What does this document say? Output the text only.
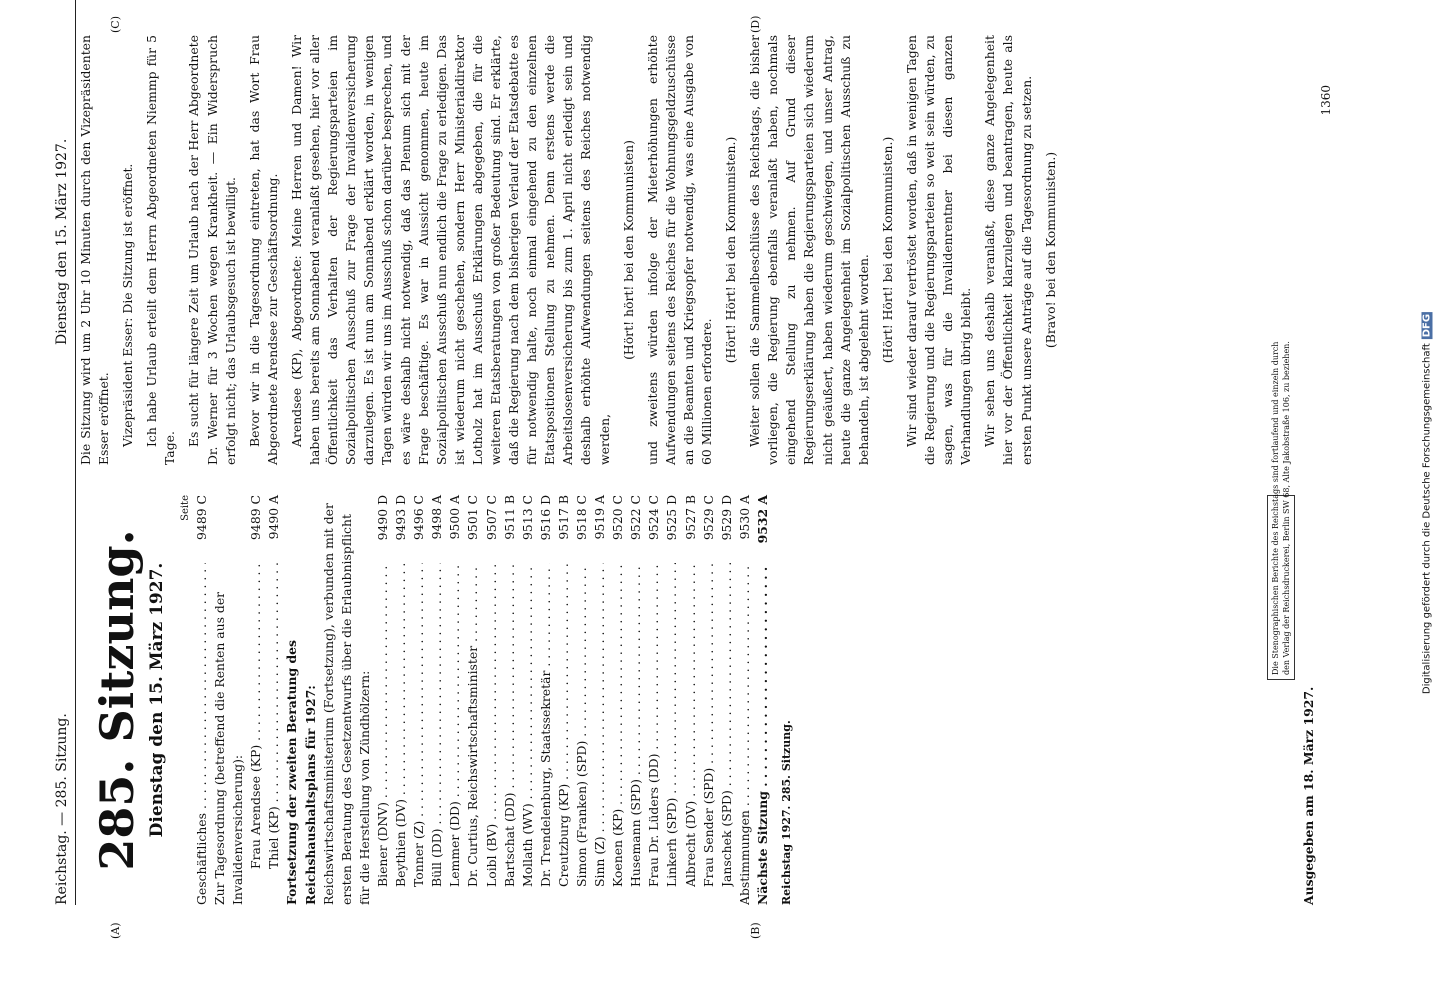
Reichstag. — 285. Sitzung.
Dienstag den 15. März 1927.
285. Sitzung. Dienstag den 15. März 1927.
Seite
Geschäftliches . . .
9489 C
Zur Tagesordnung (betreffend die Renten aus der Invalidenversicherung): Frau Arendsee (KP) . . .
9489 C
Thiel (KP) . . .
9490 A
Fortsetzung der zweiten Beratung des Reichshaushaltsplans für 1927: Reichswirtschaftsministerium (Fortsetzung), verbunden mit der ersten Beratung des Gesetzentwurfs über die Erlaubnispflicht für die Herstellung von Zündhölzern: Biener (DNV) . . .
9490 D
Beythien (DV) . . .
9493 D
Tonner (Z) . . .
9496 C
Büll (DD) . . .
9498 A
Lemmer (DD) . . .
9500 A
Dr. Curtius, Reichswirtschaftsminister . . .
9501 C
Loibl (BV) . . .
9507 C
Bartschat (DD) . . .
9511 B
Mollath (WV) . . .
9513 C
Dr. Trendelenburg, Staatssekretär . . .
9516 D
Creutzburg (KP) . . .
9517 B
Simon (Franken) (SPD) . . .
9518 C
Sinn (Z) . . .
9519 A
Koenen (KP) . . .
9520 C
Husemann (SPD) . . .
9522 C
Frau Dr. Lüders (DD) . . .
9524 C
Linkerh (SPD) . . .
9525 D
Albrecht (DV) . . .
9527 B
Frau Sender (SPD) . . .
9529 C
Janschek (SPD) . . .
9529 D
Abstimmungen . . .
9530 A
Nächste Sitzung . . .
9532 A
Reichstag 1927. 285. Sitzung.
Die Stenographischen Berichte des Reichstags sind fortlaufend und einzeln durch den Verlag der Reichsdruckerei, Berlin SW 68, Alte Jakobstraße 106, zu beziehen.

Die Sitzung wird um 2 Uhr 10 Minuten durch den Vizepräsidenten Esser eröffnet. Vizepräsident Esser: Die Sitzung ist eröffnet. Ich habe Urlaub erteilt dem Herrn Abgeordneten Niemmp für 5 Tage.

Es sucht für längere Zeit um Urlaub nach der Herr Abgeordnete Dr. Werner für 3 Wochen wegen Krankheit. — Ein Widerspruch erfolgt nicht; das Urlaubsgesuch ist bewilligt. Bevor wir in die Tagesordnung eintreten, hat das Wort Frau Abgeordnete Arendsee zur Geschäftsordnung. Arendsee (KP), Abgeordnete: Meine Herren und Damen! Wir haben uns bereits am Sonnabend veranlaßt gesehen, hier vor aller Öffentlichkeit das Verhalten der Regierungsparteien im Sozialpolitischen Ausschuß zur Frage der Invalidenversicherung darzulegen. Es ist nun am Sonnabend erklärt worden, in wenigen Tagen würden wir uns im Ausschuß schon darüber besprechen, und es wäre deshalb nicht notwendig, daß das Plenum sich mit der Frage beschäftige. Es war in Aussicht genommen, heute im Sozialpolitischen Ausschuß nun endlich die Frage zu erledigen. Das ist wiederum nicht geschehen, sondern Herr Ministerialdirektor Lotholz hat im Ausschuß Erklärungen abgegeben, die für die weiteren Etatsberatungen von großer Bedeutung sind. Er erklärte, daß die Regierung nach dem bisherigen Verlauf der Etatsdebatte es für notwendig halte, noch einmal eingehend zu den einzelnen Etatspositionen Stellung zu nehmen. Denn erstens werde die Arbeitslosenversicherung bis zum 1. April nicht erledigt sein und deshalb erhöhte Aufwendungen seitens des Reiches notwendig werden,

(Hört! hört! bei den Kommunisten) und zweitens würden infolge der Mieterhöhungen erhöhte Aufwendungen seitens des Reiches für die Wohnungsgeldzuschüsse an die Beamten und Kriegsopfer notwendig, was eine Ausgabe von 60 Millionen erfordere.

(Hört! Hört! bei den Kommunisten.) Weiter sollen die Sammelbeschlüsse des Reichstags, die bisher vorliegen, die Regierung ebenfalls veranlaßt haben, nochmals eingehend Stellung zu nehmen. Auf Grund dieser Regierungserklärung haben die Regierungsparteien sich wiederum nicht geäußert, haben wiederum geschwiegen, und unser Antrag, heute die ganze Angelegenheit im Sozialpolitischen Ausschuß zu behandeln, ist abgelehnt worden. (Hört! Hört! bei den Kommunisten.) Wir sind wieder darauf vertröstet worden, daß in wenigen Tagen die Regierung und die Regierungsparteien so weit sein würden, zu sagen, was für die Invalidenrentner bei diesen ganzen Verhandlungen übrig bleibt. Wir sehen uns deshalb veranlaßt, diese ganze Angelegenheit hier vor der Öffentlichkeit klarzulegen und beantragen, heute als ersten Punkt unsere Anträge auf die Tagesordnung zu setzen. (Bravo! bei den Kommunisten.)
Ausgegeben am 18. März 1927.
1360
(A)	(B)
(C)	(D)
Digitalisierung gefördert durch die Deutsche ForschungsgemeinschaftDFG
